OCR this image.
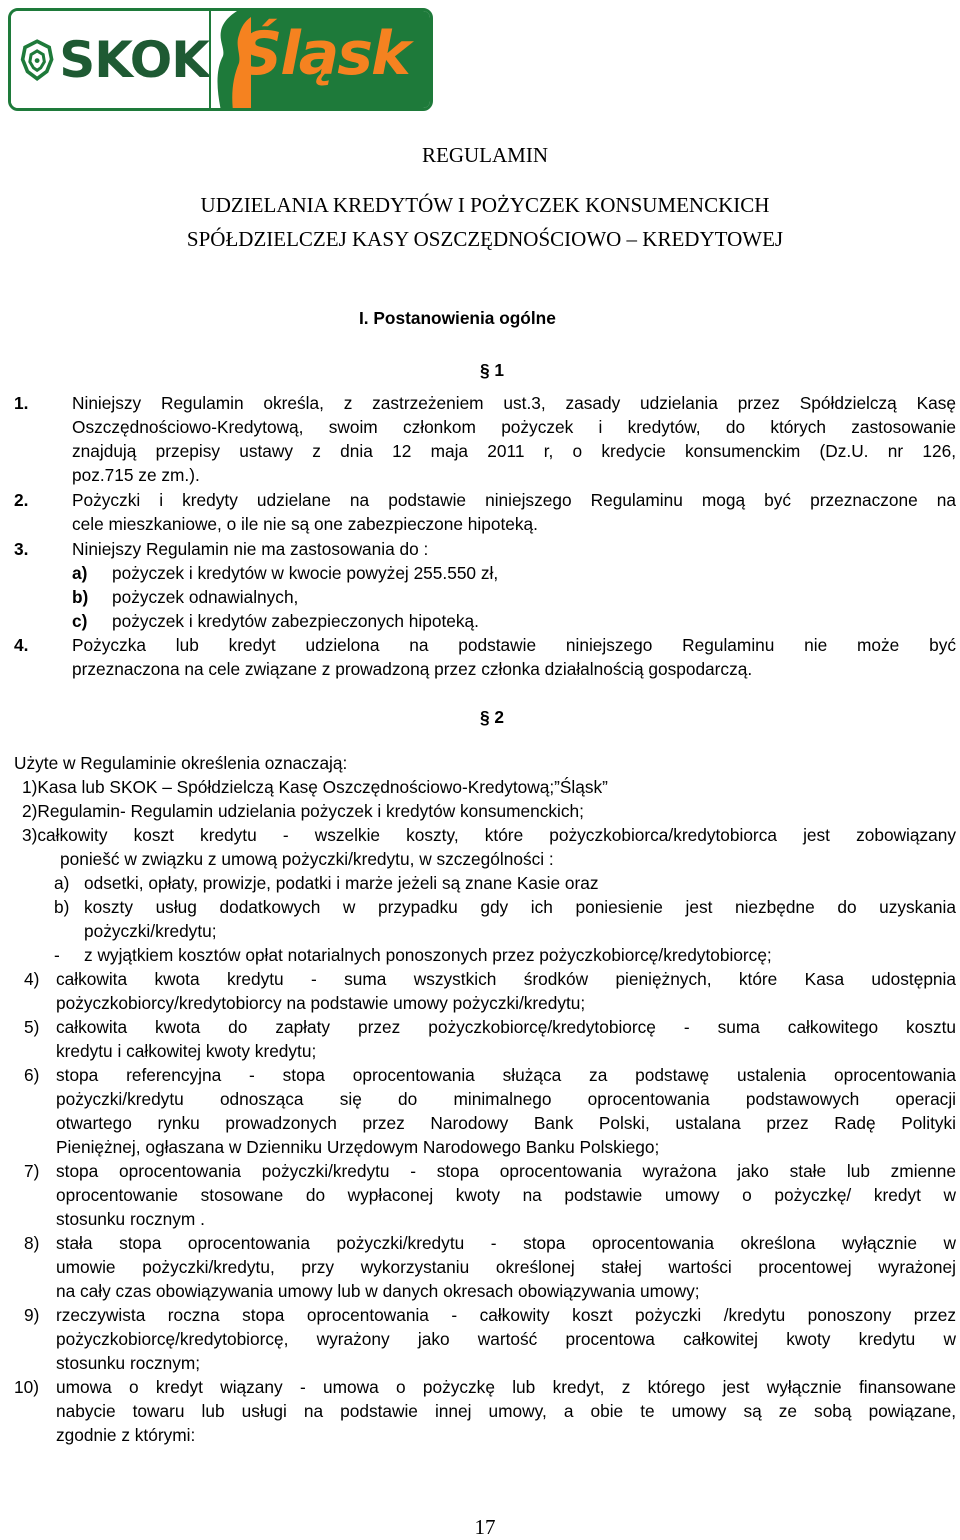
SKOK Śląsk
REGULAMIN
UDZIELANIA KREDYTÓW I POŻYCZEK KONSUMENCKICH
SPÓŁDZIELCZEJ KASY OSZCZĘDNOŚCIOWO – KREDYTOWEJ
I. Postanowienia ogólne
§ 1
1.	Niniejszy Regulamin określa, z zastrzeżeniem ust.3, zasady udzielania przez Spółdzielczą Kasę
Oszczędnościowo-Kredytową, swoim członkom pożyczek i kredytów, do których zastosowanie
znajdują przepisy ustawy z dnia 12 maja 2011 r, o kredycie konsumenckim (Dz.U. nr 126,
poz.715 ze zm.).
2.	Pożyczki i kredyty udzielane na podstawie niniejszego Regulaminu mogą być przeznaczone na
cele mieszkaniowe, o ile nie są one zabezpieczone hipoteką.
3.	Niniejszy Regulamin nie ma zastosowania do :
a) pożyczek i kredytów w kwocie powyżej 255.550 zł,
b) pożyczek odnawialnych,
c) pożyczek i kredytów zabezpieczonych hipoteką.
4.	Pożyczka lub kredyt udzielona na podstawie niniejszego Regulaminu nie może być
przeznaczona na cele związane z prowadzoną przez członka działalnością gospodarczą.
§ 2
Użyte w Regulaminie określenia oznaczają:
1)Kasa lub SKOK – Spółdzielczą Kasę Oszczędnościowo-Kredytową;”Śląsk”
2)Regulamin- Regulamin udzielania pożyczek i kredytów konsumenckich;
3)całkowity koszt kredytu - wszelkie koszty, które pożyczkobiorca/kredytobiorca jest zobowiązany
poniešć w związku z umową pożyczki/kredytu, w szczególności :
a) odsetki, opłaty, prowizje, podatki i marże jeżeli są znane Kasie oraz
b) koszty usług dodatkowych w przypadku gdy ich poniesienie jest niezbędne do uzyskania
pożyczki/kredytu;
- z wyjątkiem kosztów opłat notarialnych ponoszonych przez pożyczkobiorcę/kredytobiorcę;
4) całkowita kwota kredytu - suma wszystkich środków pieniężnych, które Kasa udostępnia
pożyczkobiorcy/kredytobiorcy na podstawie umowy pożyczki/kredytu;
5) całkowita kwota do zapłaty przez pożyczkobiorcę/kredytobiorcę - suma całkowitego kosztu
kredytu i całkowitej kwoty kredytu;
6) stopa referencyjna - stopa oprocentowania służąca za podstawę ustalenia oprocentowania
pożyczki/kredytu odnosząca się do minimalnego oprocentowania podstawowych operacji
otwartego rynku prowadzonych przez Narodowy Bank Polski, ustalana przez Radę Polityki
Pieniężnej, ogłaszana w Dzienniku Urzędowym Narodowego Banku Polskiego;
7) stopa oprocentowania pożyczki/kredytu - stopa oprocentowania wyrażona jako stałe lub zmienne
oprocentowanie stosowane do wypłaconej kwoty na podstawie umowy o pożyczkę/ kredyt w
stosunku rocznym .
8) stała stopa oprocentowania pożyczki/kredytu - stopa oprocentowania określona wyłącznie w
umowie pożyczki/kredytu, przy wykorzystaniu określonej stałej wartości procentowej wyrażonej
na cały czas obowiązywania umowy lub w danych okresach obowiązywania umowy;
9) rzeczywista roczna stopa oprocentowania - całkowity koszt pożyczki /kredytu ponoszony przez
pożyczkobiorcę/kredytobiorcę, wyrażony jako wartość procentowa całkowitej kwoty kredytu w
stosunku rocznym;
10) umowa o kredyt wiązany - umowa o pożyczkę lub kredyt, z którego jest wyłącznie finansowane
nabycie towaru lub usługi na podstawie innej umowy, a obie te umowy są ze sobą powiązane,
zgodnie z którymi:
17
